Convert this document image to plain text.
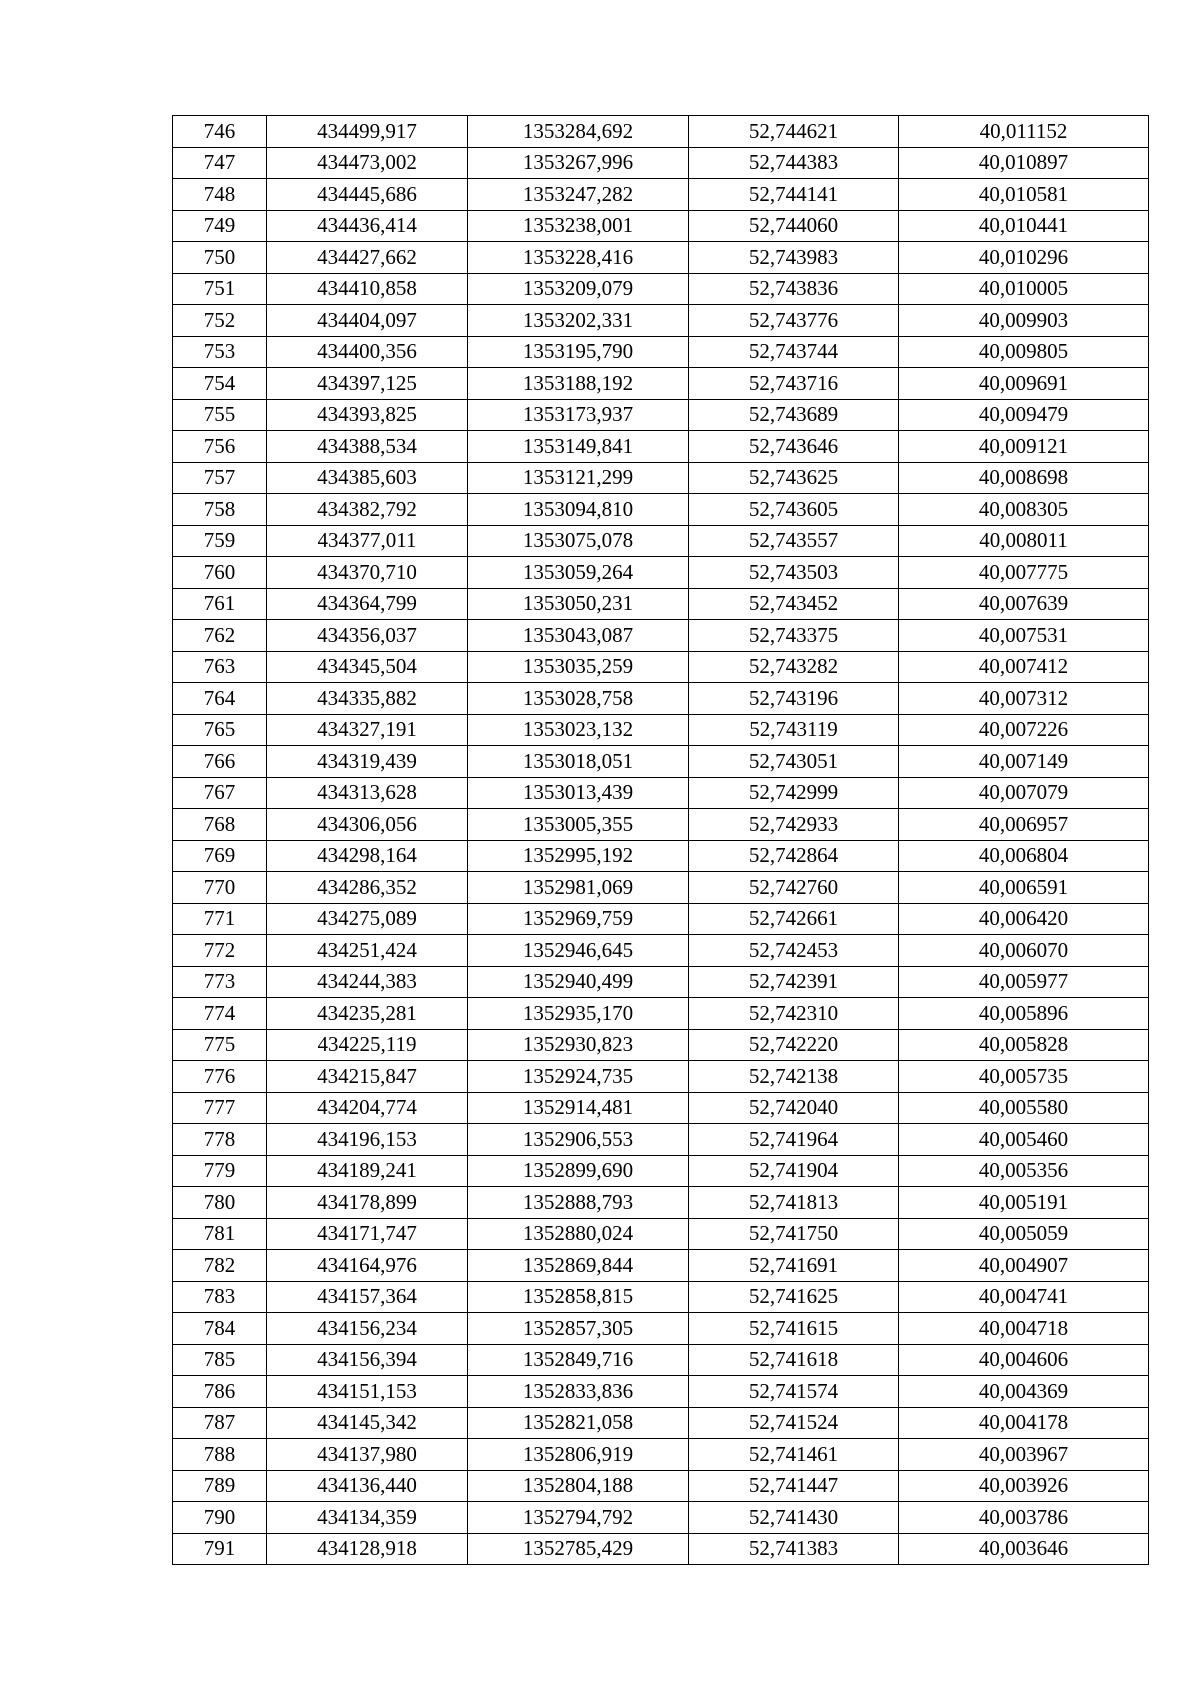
746	434499,917	1353284,692	52,744621	40,011152
747	434473,002	1353267,996	52,744383	40,010897
748	434445,686	1353247,282	52,744141	40,010581
749	434436,414	1353238,001	52,744060	40,010441
750	434427,662	1353228,416	52,743983	40,010296
751	434410,858	1353209,079	52,743836	40,010005
752	434404,097	1353202,331	52,743776	40,009903
753	434400,356	1353195,790	52,743744	40,009805
754	434397,125	1353188,192	52,743716	40,009691
755	434393,825	1353173,937	52,743689	40,009479
756	434388,534	1353149,841	52,743646	40,009121
757	434385,603	1353121,299	52,743625	40,008698
758	434382,792	1353094,810	52,743605	40,008305
759	434377,011	1353075,078	52,743557	40,008011
760	434370,710	1353059,264	52,743503	40,007775
761	434364,799	1353050,231	52,743452	40,007639
762	434356,037	1353043,087	52,743375	40,007531
763	434345,504	1353035,259	52,743282	40,007412
764	434335,882	1353028,758	52,743196	40,007312
765	434327,191	1353023,132	52,743119	40,007226
766	434319,439	1353018,051	52,743051	40,007149
767	434313,628	1353013,439	52,742999	40,007079
768	434306,056	1353005,355	52,742933	40,006957
769	434298,164	1352995,192	52,742864	40,006804
770	434286,352	1352981,069	52,742760	40,006591
771	434275,089	1352969,759	52,742661	40,006420
772	434251,424	1352946,645	52,742453	40,006070
773	434244,383	1352940,499	52,742391	40,005977
774	434235,281	1352935,170	52,742310	40,005896
775	434225,119	1352930,823	52,742220	40,005828
776	434215,847	1352924,735	52,742138	40,005735
777	434204,774	1352914,481	52,742040	40,005580
778	434196,153	1352906,553	52,741964	40,005460
779	434189,241	1352899,690	52,741904	40,005356
780	434178,899	1352888,793	52,741813	40,005191
781	434171,747	1352880,024	52,741750	40,005059
782	434164,976	1352869,844	52,741691	40,004907
783	434157,364	1352858,815	52,741625	40,004741
784	434156,234	1352857,305	52,741615	40,004718
785	434156,394	1352849,716	52,741618	40,004606
786	434151,153	1352833,836	52,741574	40,004369
787	434145,342	1352821,058	52,741524	40,004178
788	434137,980	1352806,919	52,741461	40,003967
789	434136,440	1352804,188	52,741447	40,003926
790	434134,359	1352794,792	52,741430	40,003786
791	434128,918	1352785,429	52,741383	40,003646
